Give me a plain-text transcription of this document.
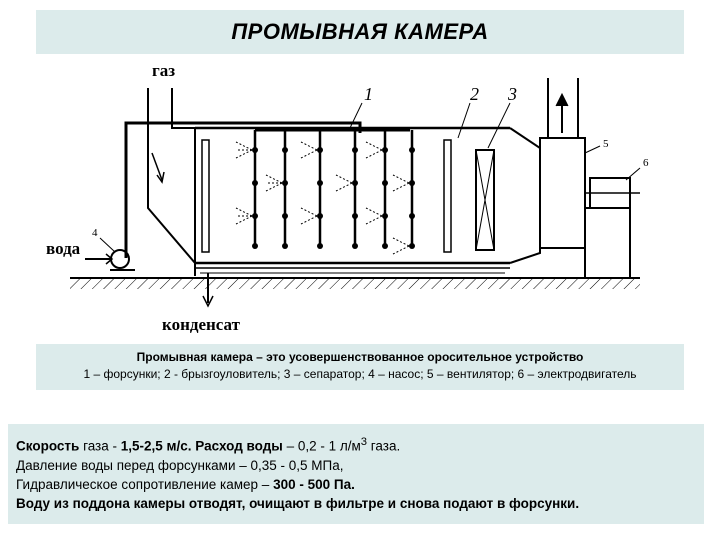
ПРОМЫВНАЯ КАМЕРА
газ
вода
конденсат
1	2 3
4
5
6
Промывная камера – это усовершенствованное оросительное устройство
1 – форсунки; 2 - брызгоуловитель; 3 – сепаратор; 4 – насос; 5 – вентилятор; 6 – электродвигатель

Скорость газа - 1,5-2,5 м/с. Расход воды – 0,2 - 1 $л/м^3$ газа.

Давление воды перед форсунками – 0,35 - 0,5 МПа,

Гидравлическое сопротивление камер – 300 - 500 Па.

Воду из поддона камеры отводят, очищают в фильтре и снова подают в форсунки.
